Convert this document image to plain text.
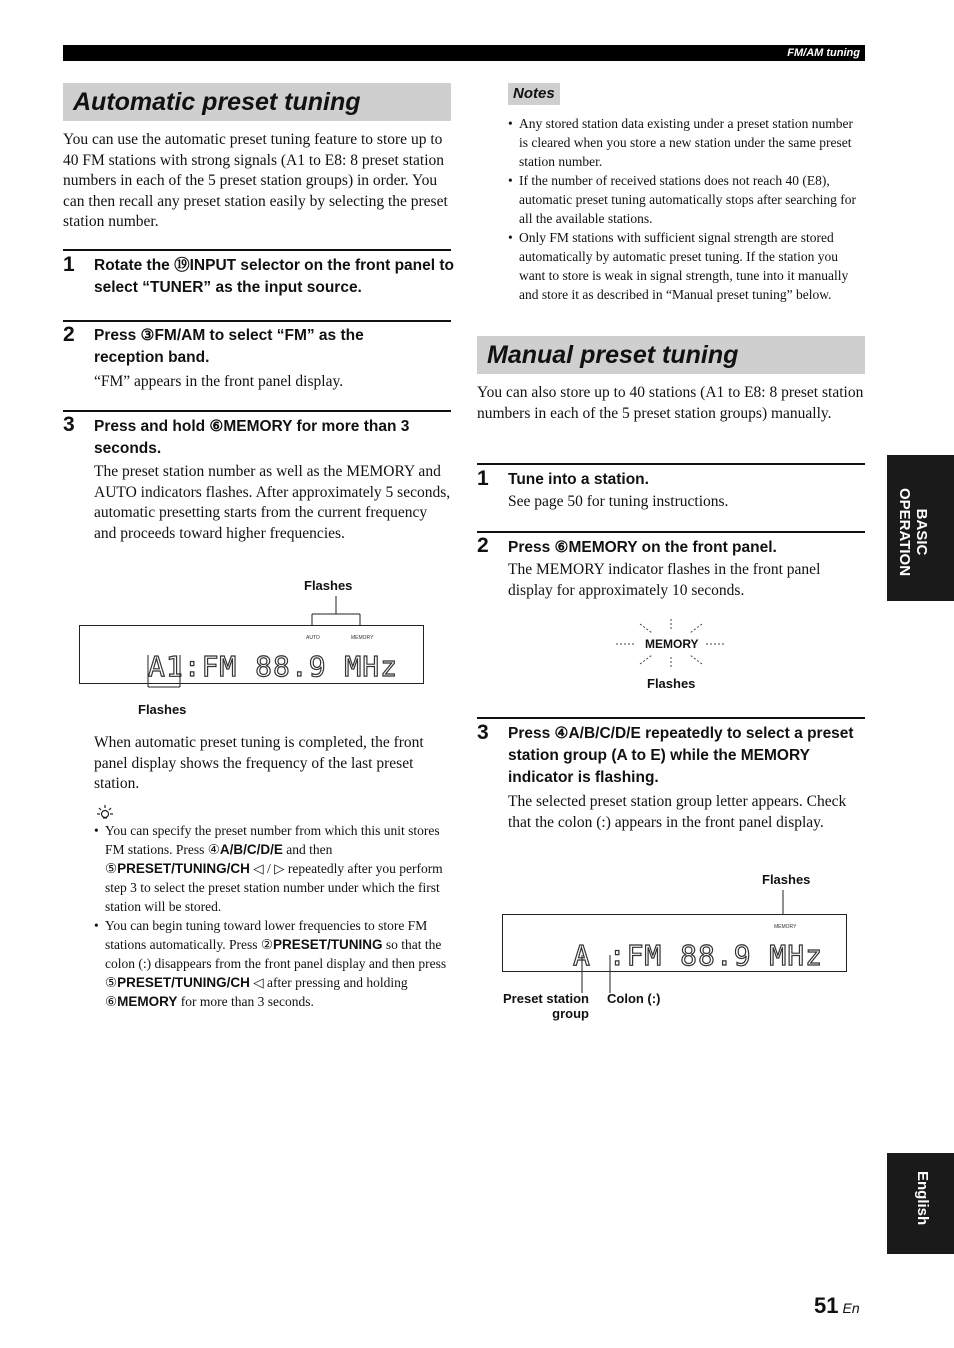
FM/AM tuning
Automatic preset tuning
You can use the automatic preset tuning feature to store up to 40 FM stations with strong signals (A1 to E8: 8 preset station numbers in each of the 5 preset station groups) in order. You can then recall any preset station easily by selecting the preset station number.
1 Rotate the ⑲INPUT selector on the front panel to select “TUNER” as the input source.
2 Press ③FM/AM to select “FM” as the reception band.
“FM” appears in the front panel display.
3 Press and hold ⑥MEMORY for more than 3 seconds.
The preset station number as well as the MEMORY and AUTO indicators flashes. After approximately 5 seconds, automatic presetting starts from the current frequency and proceeds toward higher frequencies.
Flashes
AUTO	MEMORY
A1:FM 88.9 MHz
Flashes
When automatic preset tuning is completed, the front panel display shows the frequency of the last preset station.
• You can specify the preset number from which this unit stores FM stations. Press ④A/B/C/D/E and then ⑤PRESET/TUNING/CH ◁ / ▷ repeatedly after you perform step 3 to select the preset station number under which the first station will be stored.
• You can begin tuning toward lower frequencies to store FM stations automatically. Press ②PRESET/TUNING so that the colon (:) disappears from the front panel display and then press ⑤PRESET/TUNING/CH ◁ after pressing and holding ⑥MEMORY for more than 3 seconds.
Notes
• Any stored station data existing under a preset station number is cleared when you store a new station under the same preset station number.
• If the number of received stations does not reach 40 (E8), automatic preset tuning automatically stops after searching for all the available stations.
• Only FM stations with sufficient signal strength are stored automatically by automatic preset tuning. If the station you want to store is weak in signal strength, tune into it manually and store it as described in “Manual preset tuning” below.
Manual preset tuning
You can also store up to 40 stations (A1 to E8: 8 preset station numbers in each of the 5 preset station groups) manually.
1 Tune into a station.
See page 50 for tuning instructions.
2 Press ⑥MEMORY on the front panel.
The MEMORY indicator flashes in the front panel display for approximately 10 seconds.
MEMORY
Flashes
3 Press ④A/B/C/D/E repeatedly to select a preset station group (A to E) while the MEMORY indicator is flashing.
The selected preset station group letter appears. Check that the colon (:) appears in the front panel display.
Flashes
MEMORY
A :FM 88.9 MHz
Preset station group
Colon (:)
BASIC OPERATION
English
51 En
